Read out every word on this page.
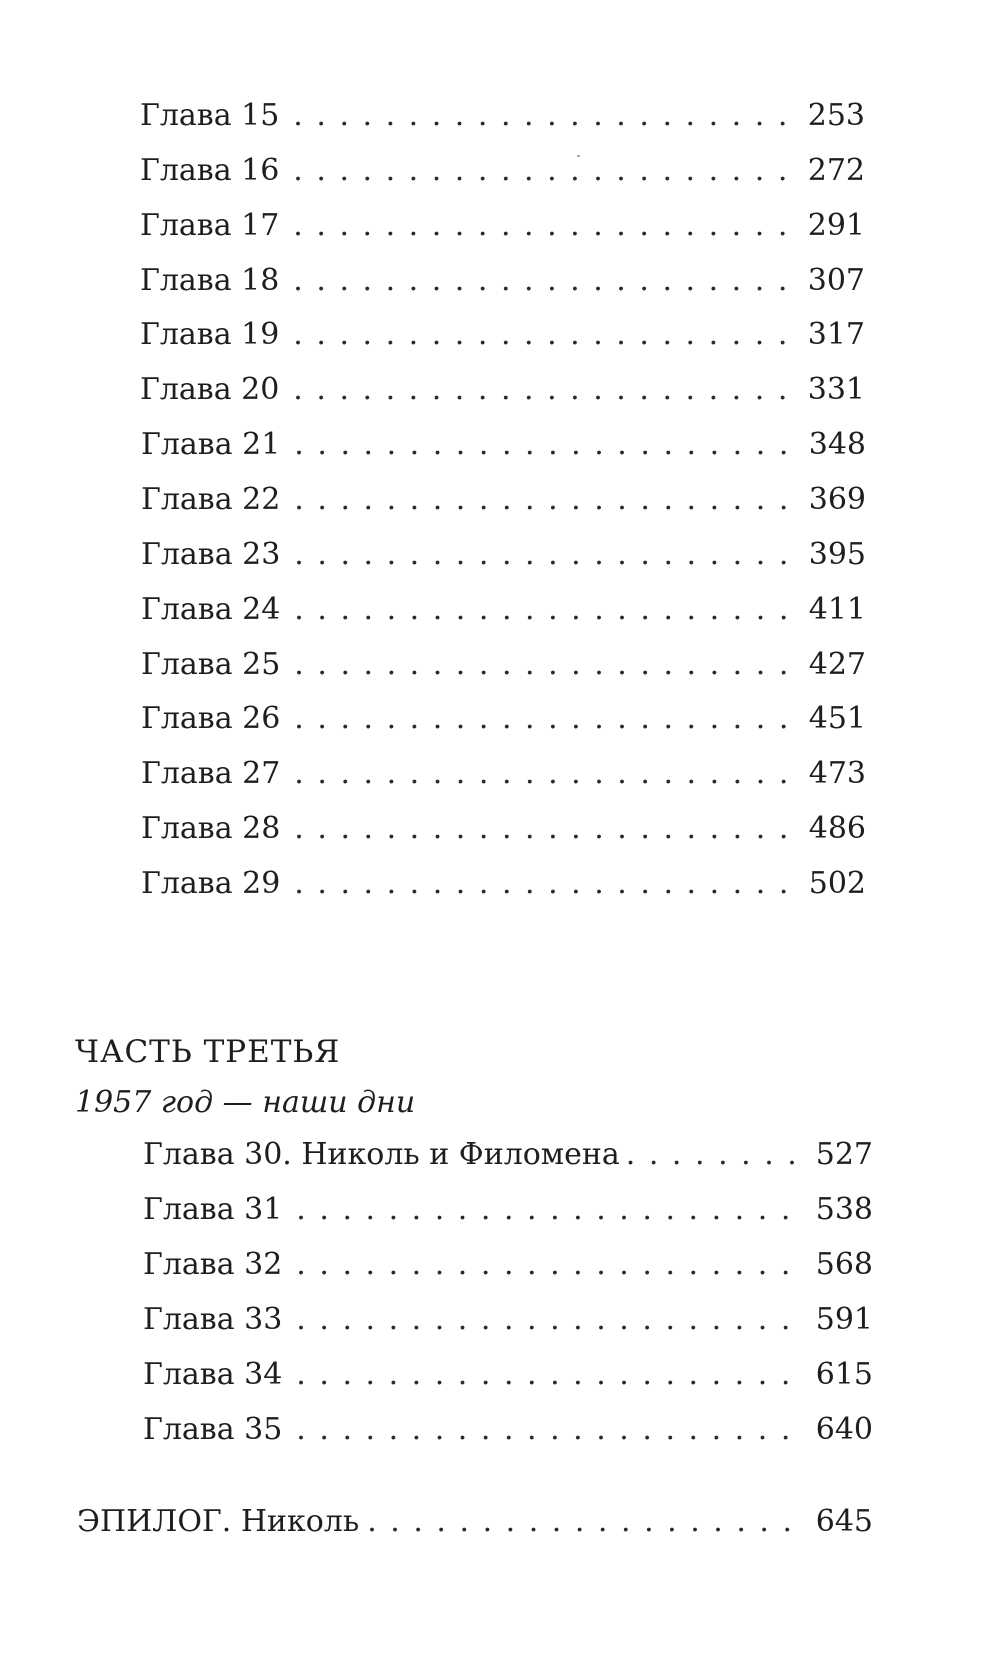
Глава 15 . . .	253
Глава 16 . . .	272
Глава 17 . . .	291
Глава 18 . . .	307
Глава 19 . . .	317
Глава 20 . . .	331
Глава 21 . . .	348
Глава 22 . . .	369
Глава 23 . . .	395
Глава 24 . . .	411
Глава 25 . . .	427
Глава 26 . . .	451
Глава 27 . . .	473
Глава 28 . . .	486
Глава 29 . . .	502
ЧАСТЬ ТРЕТЬЯ
1957 год — наши дни
Глава 30. Николь и Филомена . . .	527
Глава 31 . . .	538
Глава 32 . . .	568
Глава 33 . . .	591
Глава 34 . . .	615
Глава 35 . . .	640
ЭПИЛОГ. Николь . . .	645
